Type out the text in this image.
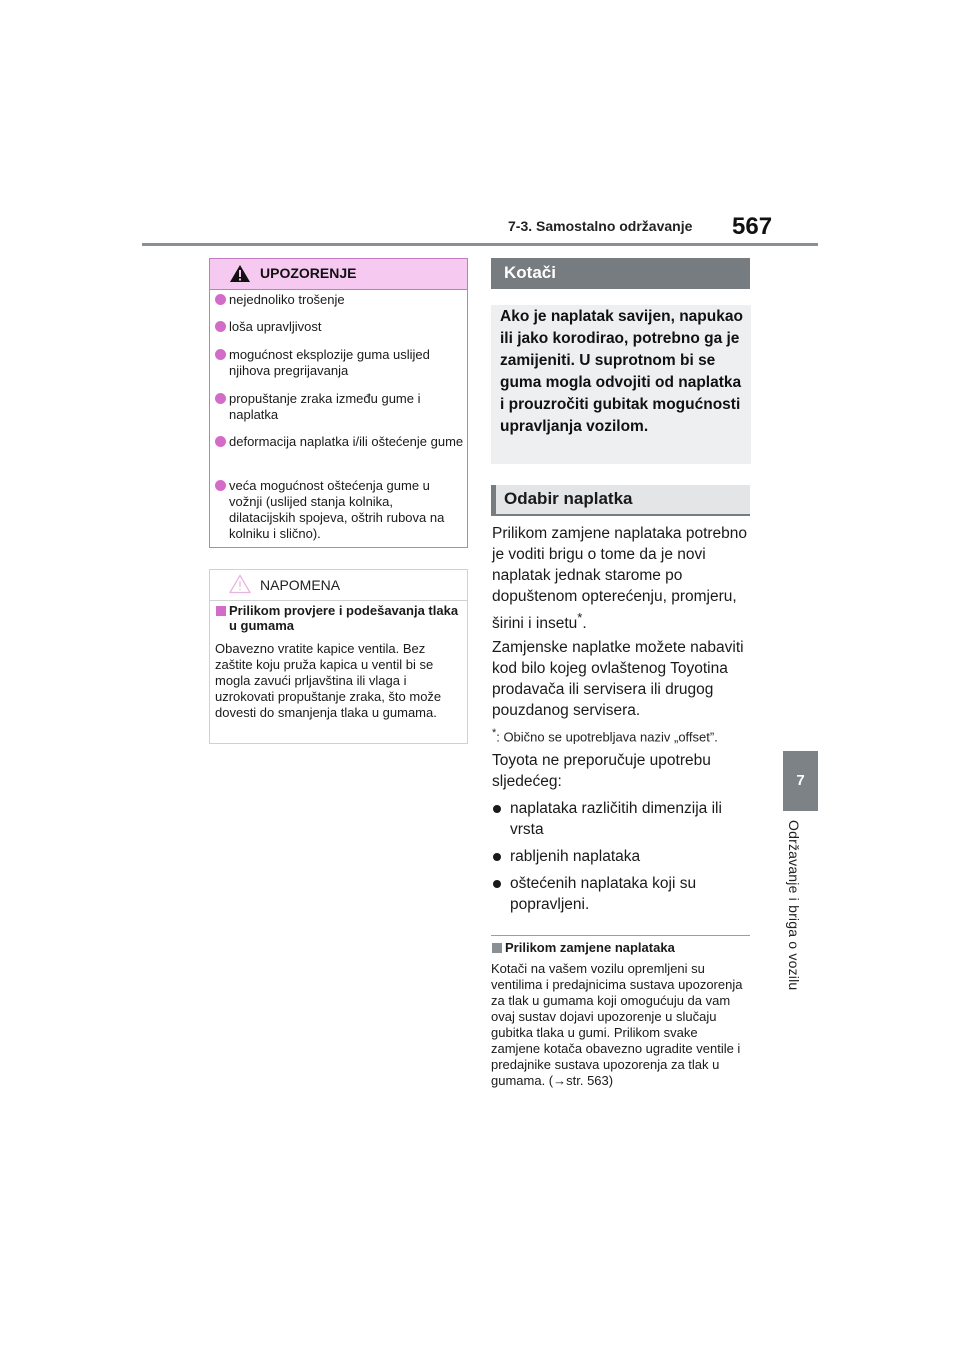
7-3. Samostalno održavanje 567
7
Održavanje i briga o vozilu
UPOZORENJE
nejednoliko trošenje
loša upravljivost
mogućnost eksplozije guma uslijed njihova pregrijavanja
propuštanje zraka između gume i naplatka
deformacija naplatka i/ili oštećenje gume
veća mogućnost oštećenja gume u vožnji (uslijed stanja kolnika, dilatacijskih spojeva, oštrih rubova na kolniku i slično).
NAPOMENA
Prilikom provjere i podešavanja tlaka u gumama
Obavezno vratite kapice ventila. Bez zaštite koju pruža kapica u ventil bi se mogla zavući prljavština ili vlaga i uzrokovati propuštanje zraka, što može dovesti do smanjenja tlaka u gumama.
Kotači

Ako je naplatak savijen, napukao ili jako korodirao, potrebno ga je zamijeniti. U suprotnom bi se guma mogla odvojiti od naplatka i prouzročiti gubitak mogućnosti upravljanja vozilom.

Odabir naplatka
Prilikom zamjene naplataka potrebno je voditi brigu o tome da je novi naplatak jednak starome po dopuštenom opterećenju, promjeru, širini i insetu*.
Zamjenske naplatke možete nabaviti kod bilo kojeg ovlaštenog Toyotina prodavača ili servisera ili drugog pouzdanog servisera.
*: Obično se upotrebljava naziv „offset”.
Toyota ne preporučuje upotrebu sljedećeg:
naplataka različitih dimenzija ili vrsta
rabljenih naplataka
oštećenih naplataka koji su popravljeni.
Prilikom zamjene naplataka
Kotači na vašem vozilu opremljeni su ventilima i predajnicima sustava upozorenja za tlak u gumama koji omogućuju da vam ovaj sustav dojavi upozorenje u slučaju gubitka tlaka u gumi. Prilikom svake zamjene kotača obavezno ugradite ventile i predajnike sustava upozorenja za tlak u gumama. (→str. 563)
